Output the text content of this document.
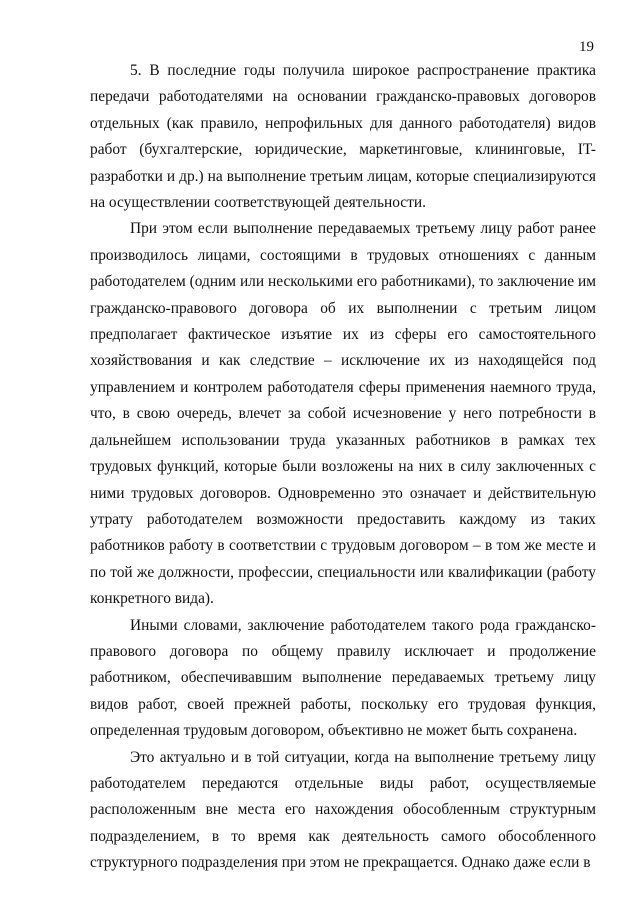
19

5. В последние годы получила широкое распространение практика передачи работодателями на основании гражданско-правовых договоров отдельных (как правило, непрофильных для данного работодателя) видов работ (бухгалтерские, юридические, маркетинговые, клининговые, IT-разработки и др.) на выполнение третьим лицам, которые специализируются на осуществлении соответствующей деятельности.

При этом если выполнение передаваемых третьему лицу работ ранее производилось лицами, состоящими в трудовых отношениях с данным работодателем (одним или несколькими его работниками), то заключение им гражданско-правового договора об их выполнении с третьим лицом предполагает фактическое изъятие их из сферы его самостоятельного хозяйствования и как следствие – исключение их из находящейся под управлением и контролем работодателя сферы применения наемного труда, что, в свою очередь, влечет за собой исчезновение у него потребности в дальнейшем использовании труда указанных работников в рамках тех трудовых функций, которые были возложены на них в силу заключенных с ними трудовых договоров. Одновременно это означает и действительную утрату работодателем возможности предоставить каждому из таких работников работу в соответствии с трудовым договором – в том же месте и по той же должности, профессии, специальности или квалификации (работу конкретного вида).

Иными словами, заключение работодателем такого рода гражданско-правового договора по общему правилу исключает и продолжение работником, обеспечивавшим выполнение передаваемых третьему лицу видов работ, своей прежней работы, поскольку его трудовая функция, определенная трудовым договором, объективно не может быть сохранена.

Это актуально и в той ситуации, когда на выполнение третьему лицу работодателем передаются отдельные виды работ, осуществляемые расположенным вне места его нахождения обособленным структурным подразделением, в то время как деятельность самого обособленного структурного подразделения при этом не прекращается. Однако даже если в
